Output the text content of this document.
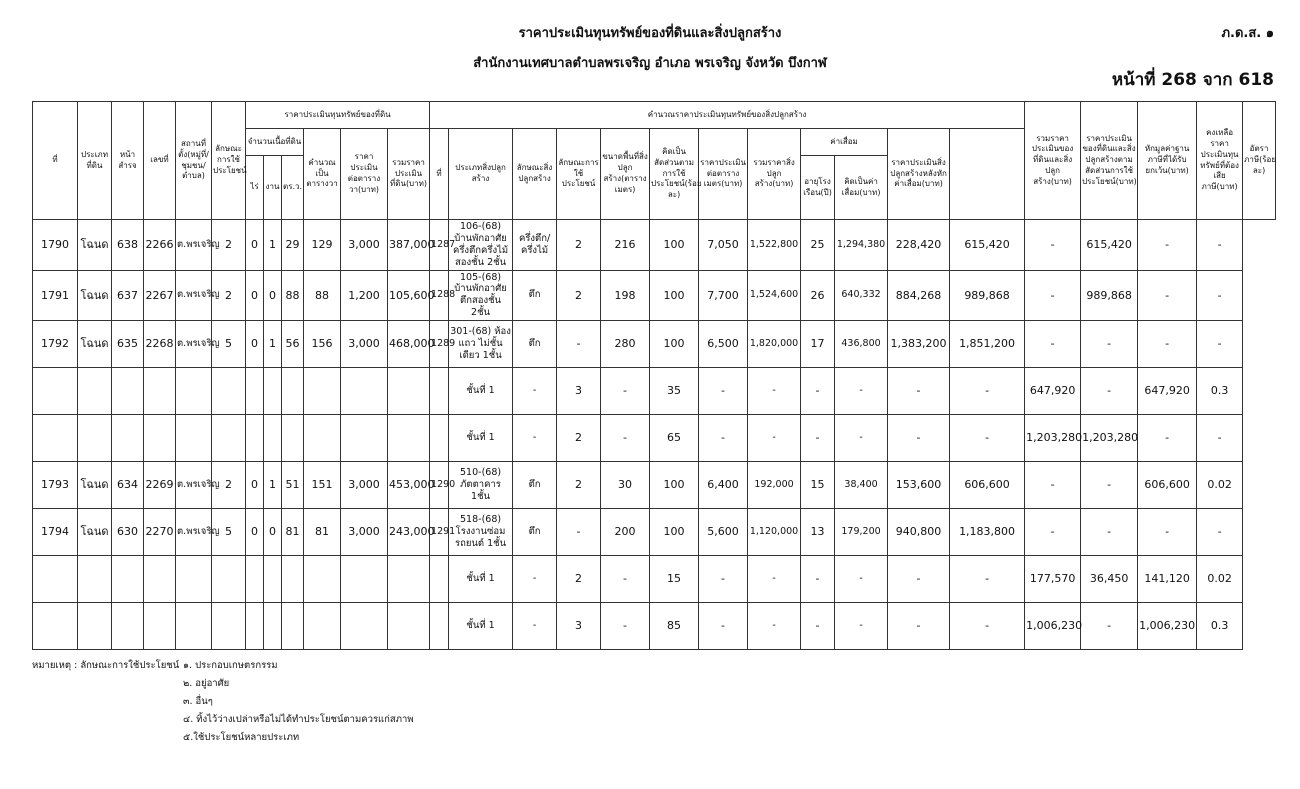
ราคาประเมินทุนทรัพย์ของที่ดินและสิ่งปลูกสร้าง
สำนักงานเทศบาลตำบลพรเจริญ อำเภอ พรเจริญ จังหวัด บึงกาฬ
ภ.ด.ส. ๑
หน้าที่ 268 จาก 618
ที่	ประเภทที่ดิน	หน้าสำรจ	เลขที่	สถานที่ตั้ง(หมู่ที่/ชุมชน/ตำบล)	ลักษณะการใช้ประโยชน์	ราคาประเมินทุนทรัพย์ของที่ดิน						คำนวณราคาประเมินทุนทรัพย์ของสิ่งปลูกสร้าง												รวมราคาประเมินของที่ดินและสิ่งปลูกสร้าง(บาท)	ราคาประเมินของที่ดินและสิ่งปลูกสร้างตามสัดส่วนการใช้ประโยชน์(บาท)	หักมูลค่าฐานภาษีที่ได้รับยกเว้น(บาท)	คงเหลือราคาประเมินทุนทรัพย์ที่ต้องเสียภาษี(บาท)	อัตราภาษี(ร้อยละ)
						จำนวนเนื้อที่ดิน			คำนวณเป็นตารางวา	ราคาประเมินต่อตารางวา(บาท)	รวมราคาประเมินที่ดิน(บาท)	ที่	ประเภทสิ่งปลูกสร้าง	ลักษณะสิ่งปลูกสร้าง	ลักษณะการใช้ประโยชน์	ขนาดพื้นที่สิ่งปลูกสร้าง(ตารางเมตร)	คิดเป็นสัดส่วนตามการใช้ประโยชน์(ร้อยละ)	ราคาประเมินต่อตารางเมตร(บาท)	รวมราคาสิ่งปลูกสร้าง(บาท)	ค่าเสื่อม		ราคาประเมินสิ่งปลูกสร้างหลังหักค่าเสื่อม(บาท)						
						ไร่	งาน	ตร.ว.												อายุโรงเรือน(ปี)	คิดเป็นค่าเสื่อม(บาท)							
1790	โฉนด	638	2266	ต.พรเจริญ	2	0	1	29	129	3,000	387,000	1287	106-(68) บ้านพักอาศัยครึ่งตึกครึ่งไม้สองชั้น 2ชั้น	ครึ่งตึก/ครึ่งไม้	2	216	100	7,050	1,522,800	25	1,294,380	228,420	615,420	-	615,420	-	-	
1791	โฉนด	637	2267	ต.พรเจริญ	2	0	0	88	88	1,200	105,600	1288	105-(68) บ้านพักอาศัยตึกสองชั้น 2ชั้น	ตึก	2	198	100	7,700	1,524,600	26	640,332	884,268	989,868	-	989,868	-	-	
1792	โฉนด	635	2268	ต.พรเจริญ	5	0	1	56	156	3,000	468,000	1289	301-(68) ห้องแถว ไม่ชั้นเดียว 1ชั้น	ตึก	-	280	100	6,500	1,820,000	17	436,800	1,383,200	1,851,200	-	-	-	-	
													ชั้นที่ 1	-	3	-	35	-	-	-	-	-	-	647,920	-	647,920	0.3	
													ชั้นที่ 1	-	2	-	65	-	-	-	-	-	-	1,203,280	1,203,280	-	-	
1793	โฉนด	634	2269	ต.พรเจริญ	2	0	1	51	151	3,000	453,000	1290	510-(68) ภัตตาคาร 1ชั้น	ตึก	2	30	100	6,400	192,000	15	38,400	153,600	606,600	-	-	606,600	0.02	
1794	โฉนด	630	2270	ต.พรเจริญ	5	0	0	81	81	3,000	243,000	1291	518-(68) โรงงานซ่อมรถยนต์ 1ชั้น	ตึก	-	200	100	5,600	1,120,000	13	179,200	940,800	1,183,800	-	-	-	-	
													ชั้นที่ 1	-	2	-	15	-	-	-	-	-	-	177,570	36,450	141,120	0.02	
													ชั้นที่ 1	-	3	-	85	-	-	-	-	-	-	1,006,230	-	1,006,230	0.3	
หมายเหตุ : ลักษณะการใช้ประโยชน์ ๑. ประกอบเกษตรกรรม
๒. อยู่อาศัย
๓. อื่นๆ
๔. ทิ้งไว้ว่างเปล่าหรือไม่ได้ทำประโยชน์ตามควรแก่สภาพ
๕.ใช้ประโยชน์หลายประเภท
